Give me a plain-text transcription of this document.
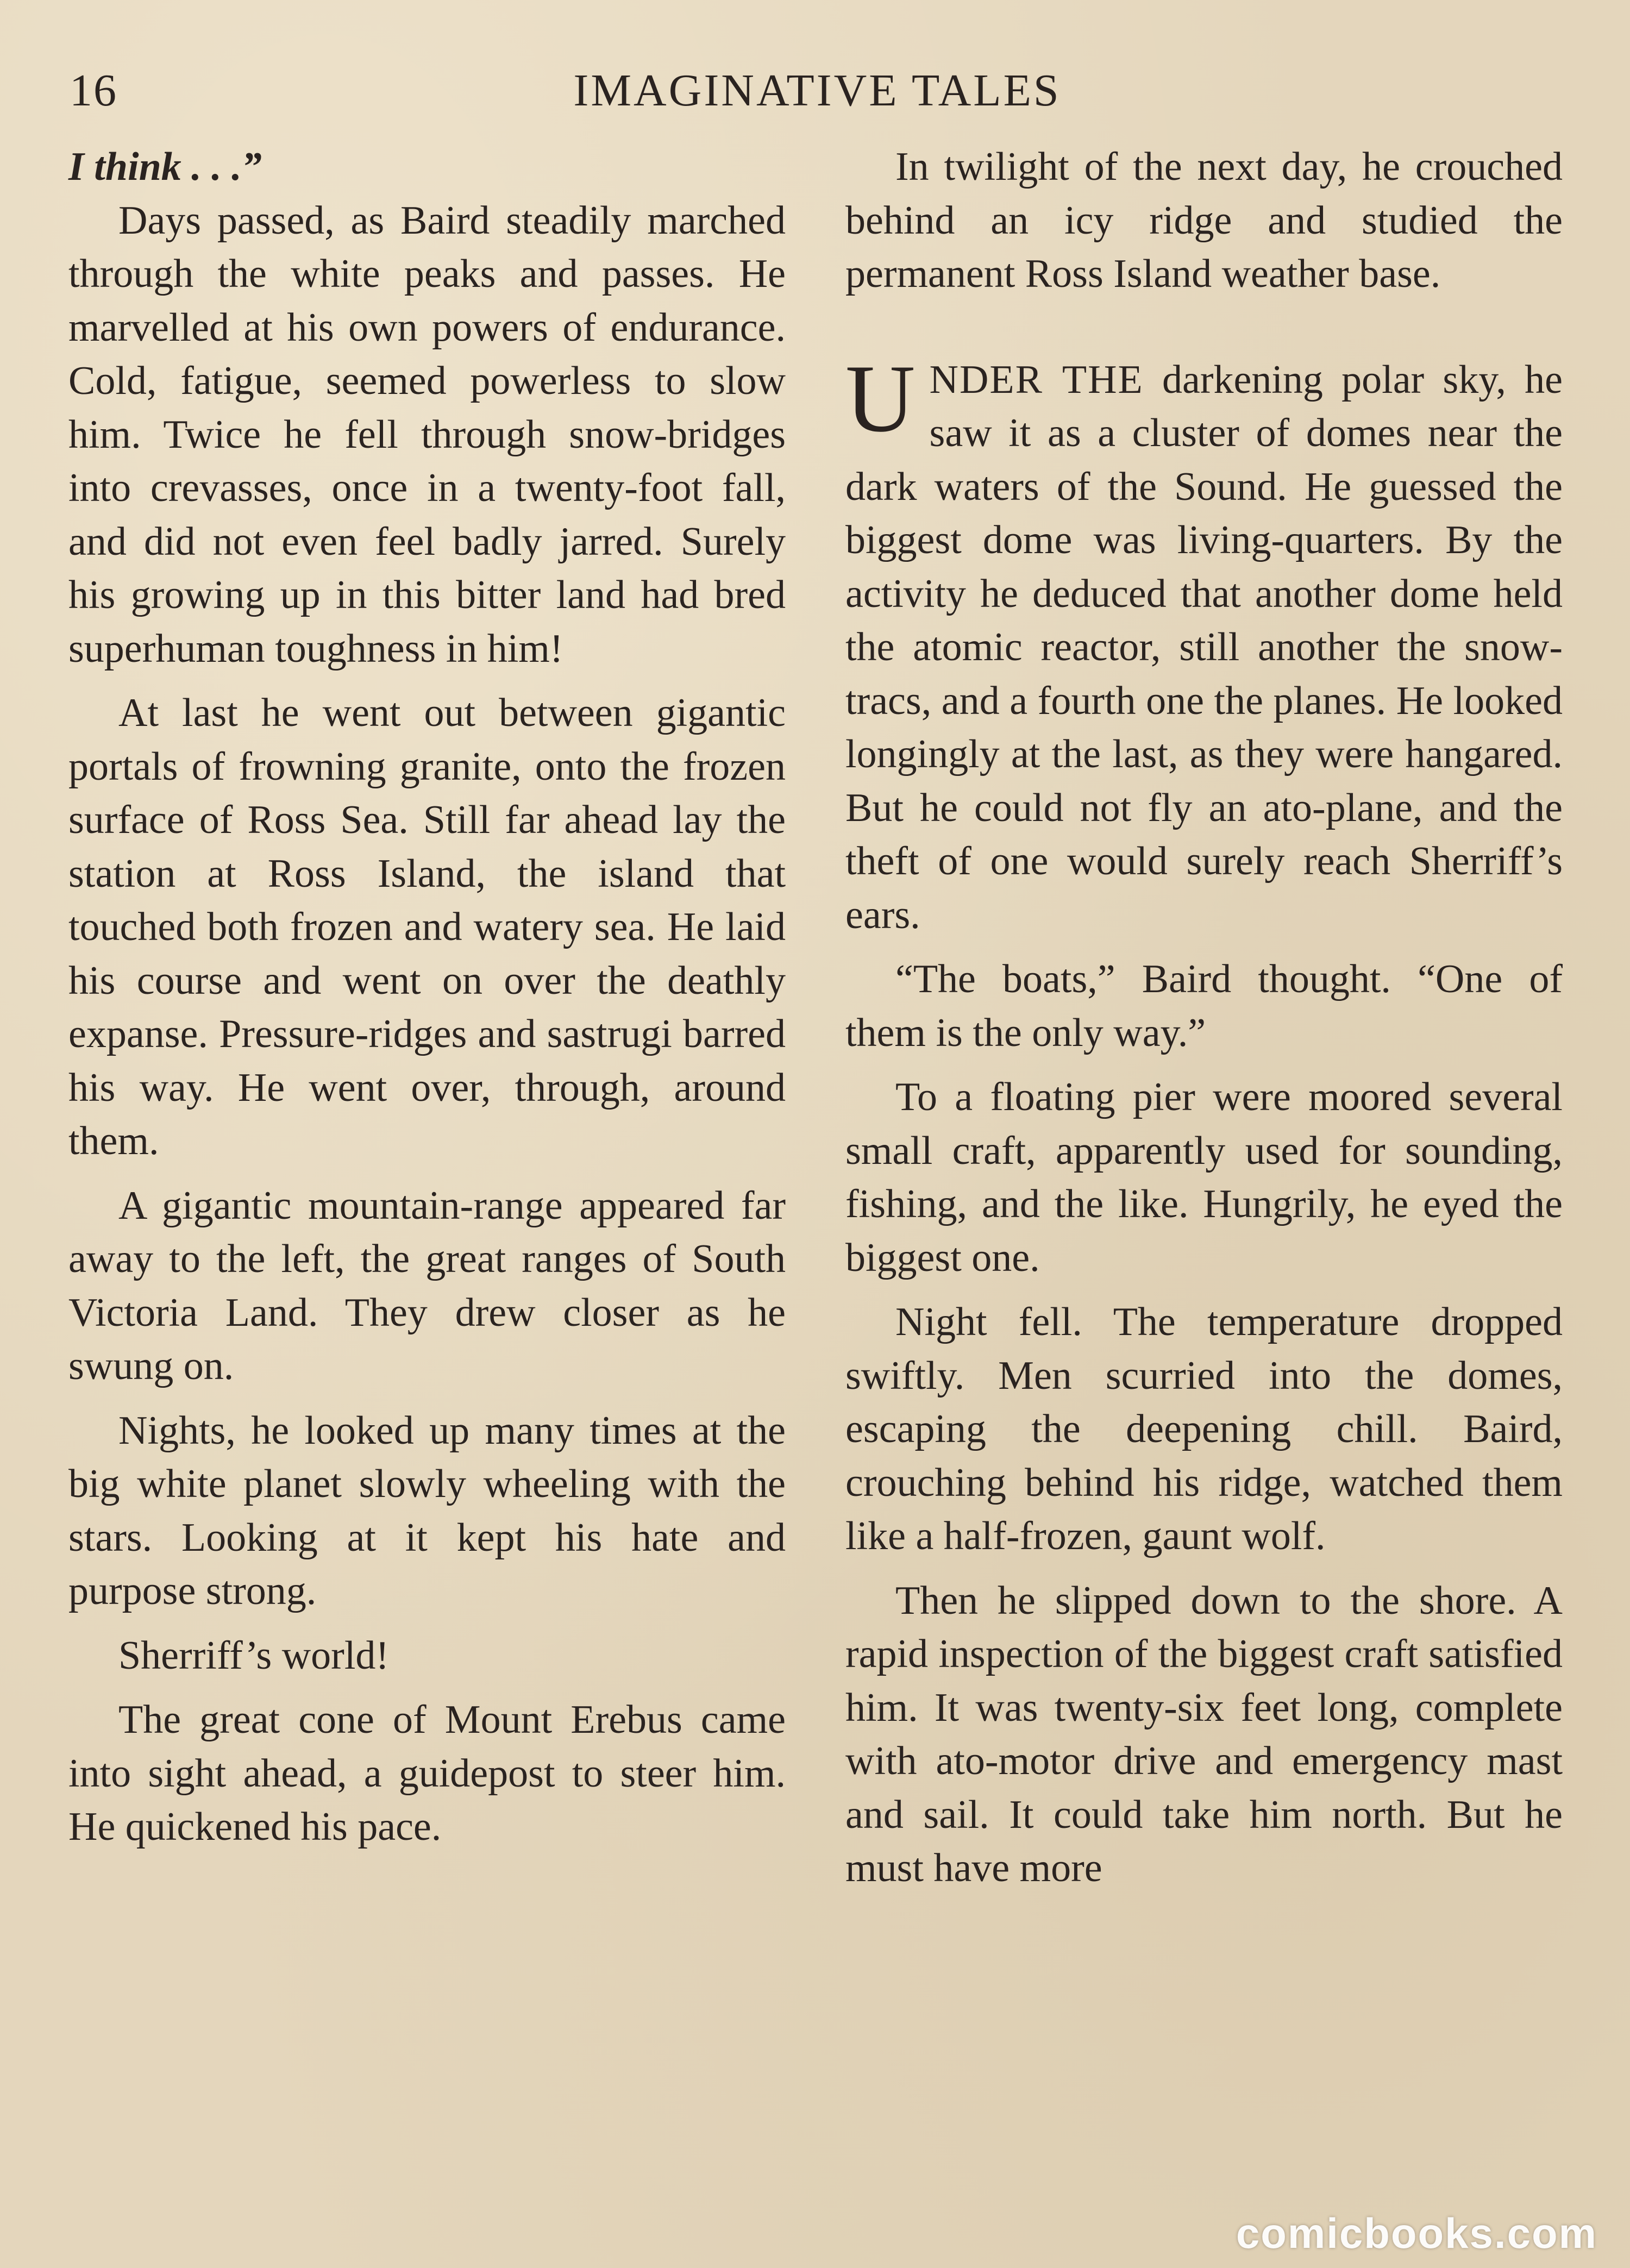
16	IMAGINATIVE TALES

I think . . .”

Days passed, as Baird steadily marched through the white peaks and passes. He marvelled at his own powers of endurance. Cold, fatigue, seemed powerless to slow him. Twice he fell through snow-bridges into crevasses, once in a twenty-foot fall, and did not even feel badly jarred. Surely his growing up in this bitter land had bred superhuman toughness in him!

At last he went out between gigantic portals of frowning granite, onto the frozen surface of Ross Sea. Still far ahead lay the station at Ross Island, the island that touched both frozen and watery sea. He laid his course and went on over the deathly expanse. Pressure-ridges and sastrugi barred his way. He went over, through, around them.

A gigantic mountain-range appeared far away to the left, the great ranges of South Victoria Land. They drew closer as he swung on.

Nights, he looked up many times at the big white planet slowly wheeling with the stars. Looking at it kept his hate and purpose strong.

Sherriff’s world!

The great cone of Mount Erebus came into sight ahead, a guidepost to steer him. He quickened his pace.

In twilight of the next day, he crouched behind an icy ridge and studied the permanent Ross Island weather base.

UNDER THE darkening polar sky, he saw it as a cluster of domes near the dark waters of the Sound. He guessed the biggest dome was living-quarters. By the activity he deduced that another dome held the atomic reactor, still another the snow-tracs, and a fourth one the planes. He looked longingly at the last, as they were hangared. But he could not fly an ato-plane, and the theft of one would surely reach Sherriff’s ears.

“The boats,” Baird thought. “One of them is the only way.”

To a floating pier were moored several small craft, apparently used for sounding, fishing, and the like. Hungrily, he eyed the biggest one.

Night fell. The temperature dropped swiftly. Men scurried into the domes, escaping the deepening chill. Baird, crouching behind his ridge, watched them like a half-frozen, gaunt wolf.

Then he slipped down to the shore. A rapid inspection of the biggest craft satisfied him. It was twenty-six feet long, complete with ato-motor drive and emergency mast and sail. It could take him north. But he must have more

comicbooks.com
